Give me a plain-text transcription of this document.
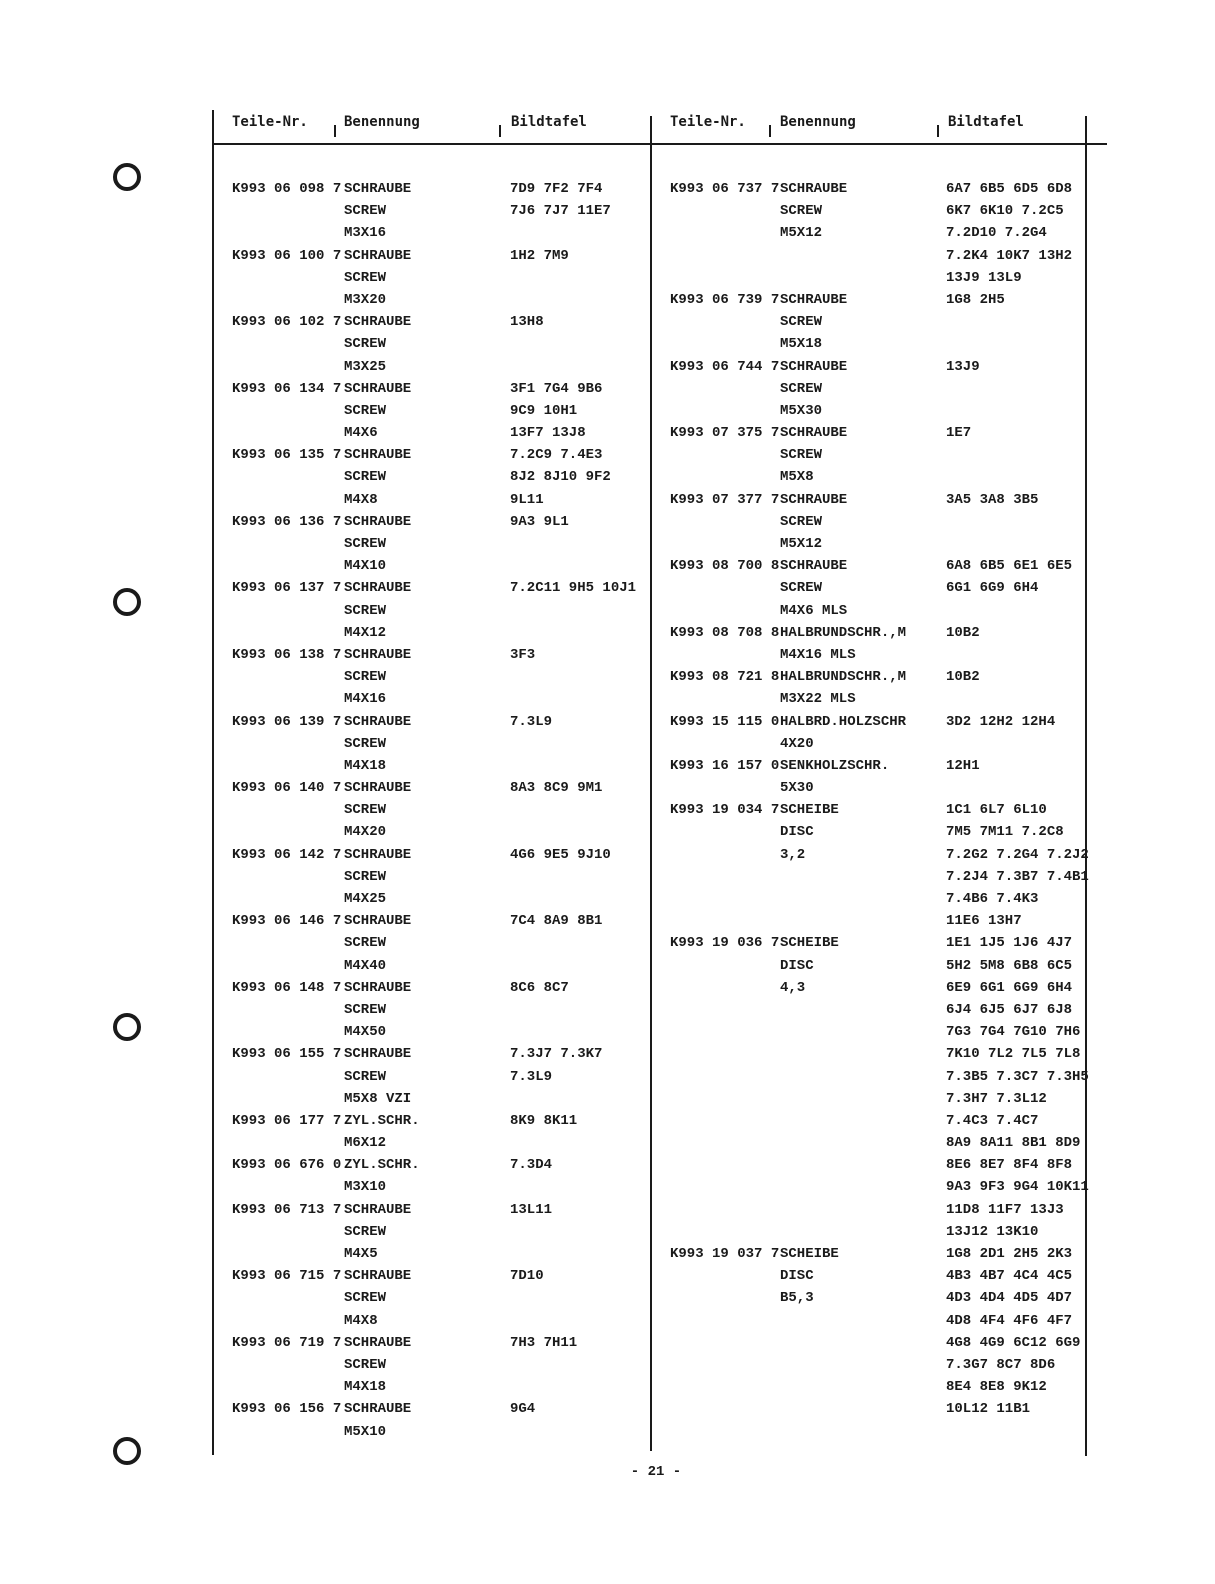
Teile-Nr.	Benennung	Bildtafel	Teile-Nr. Benennung	Bildtafel
K993 06 098 7 SCHRAUBE	7D9 7F2 7F4
SCREW	7J6 7J7 11E7
M3X16
K993 06 100 7 SCHRAUBE	1H2 7M9
SCREW
M3X20
K993 06 102 7 SCHRAUBE	13H8
SCREW
M3X25
K993 06 134 7 SCHRAUBE	3F1 7G4 9B6
SCREW	9C9 10H1
M4X6	13F7 13J8
K993 06 135 7 SCHRAUBE	7.2C9 7.4E3
SCREW	8J2 8J10 9F2
M4X8	9L11
K993 06 136 7 SCHRAUBE	9A3 9L1
SCREW
M4X10
K993 06 137 7 SCHRAUBE	7.2C11 9H5 10J1
SCREW
M4X12
K993 06 138 7 SCHRAUBE	3F3
SCREW
M4X16
K993 06 139 7 SCHRAUBE	7.3L9
SCREW
M4X18
K993 06 140 7 SCHRAUBE	8A3 8C9 9M1
SCREW
M4X20
K993 06 142 7 SCHRAUBE	4G6 9E5 9J10
SCREW
M4X25
K993 06 146 7 SCHRAUBE	7C4 8A9 8B1
SCREW
M4X40
K993 06 148 7 SCHRAUBE	8C6 8C7
SCREW
M4X50
K993 06 155 7 SCHRAUBE	7.3J7 7.3K7
SCREW	7.3L9
M5X8 VZI
K993 06 177 7 ZYL.SCHR.	8K9 8K11
M6X12
K993 06 676 0 ZYL.SCHR.	7.3D4
M3X10
K993 06 713 7 SCHRAUBE	13L11
SCREW
M4X5
K993 06 715 7 SCHRAUBE	7D10
SCREW
M4X8
K993 06 719 7 SCHRAUBE	7H3 7H11
SCREW
M4X18
K993 06 156 7 SCHRAUBE	9G4
M5X10
K993 06 737 7 SCHRAUBE	6A7 6B5 6D5 6D8
SCREW	6K7 6K10 7.2C5
M5X12	7.2D10 7.2G4
7.2K4 10K7 13H2
13J9 13L9
K993 06 739 7 SCHRAUBE	1G8 2H5
SCREW
M5X18
K993 06 744 7 SCHRAUBE	13J9
SCREW
M5X30
K993 07 375 7 SCHRAUBE	1E7
SCREW
M5X8
K993 07 377 7 SCHRAUBE	3A5 3A8 3B5
SCREW
M5X12
K993 08 700 8 SCHRAUBE	6A8 6B5 6E1 6E5
SCREW	6G1 6G9 6H4
M4X6 MLS
K993 08 708 8 HALBRUNDSCHR.,M	10B2
M4X16 MLS
K993 08 721 8 HALBRUNDSCHR.,M	10B2
M3X22 MLS
K993 15 115 0 HALBRD.HOLZSCHR	3D2 12H2 12H4
4X20
K993 16 157 0 SENKHOLZSCHR.	12H1
5X30
K993 19 034 7 SCHEIBE	1C1 6L7 6L10
DISC	7M5 7M11 7.2C8
3,2	7.2G2 7.2G4 7.2J2
7.2J4 7.3B7 7.4B1
7.4B6 7.4K3
11E6 13H7
K993 19 036 7 SCHEIBE	1E1 1J5 1J6 4J7
DISC	5H2 5M8 6B8 6C5
4,3	6E9 6G1 6G9 6H4
6J4 6J5 6J7 6J8
7G3 7G4 7G10 7H6
7K10 7L2 7L5 7L8
7.3B5 7.3C7 7.3H5
7.3H7 7.3L12
7.4C3 7.4C7
8A9 8A11 8B1 8D9
8E6 8E7 8F4 8F8
9A3 9F3 9G4 10K11
11D8 11F7 13J3
13J12 13K10
K993 19 037 7 SCHEIBE	1G8 2D1 2H5 2K3
DISC	4B3 4B7 4C4 4C5
B5,3	4D3 4D4 4D5 4D7
4D8 4F4 4F6 4F7
4G8 4G9 6C12 6G9
7.3G7 8C7 8D6
8E4 8E8 9K12
10L12 11B1
- 21 -
